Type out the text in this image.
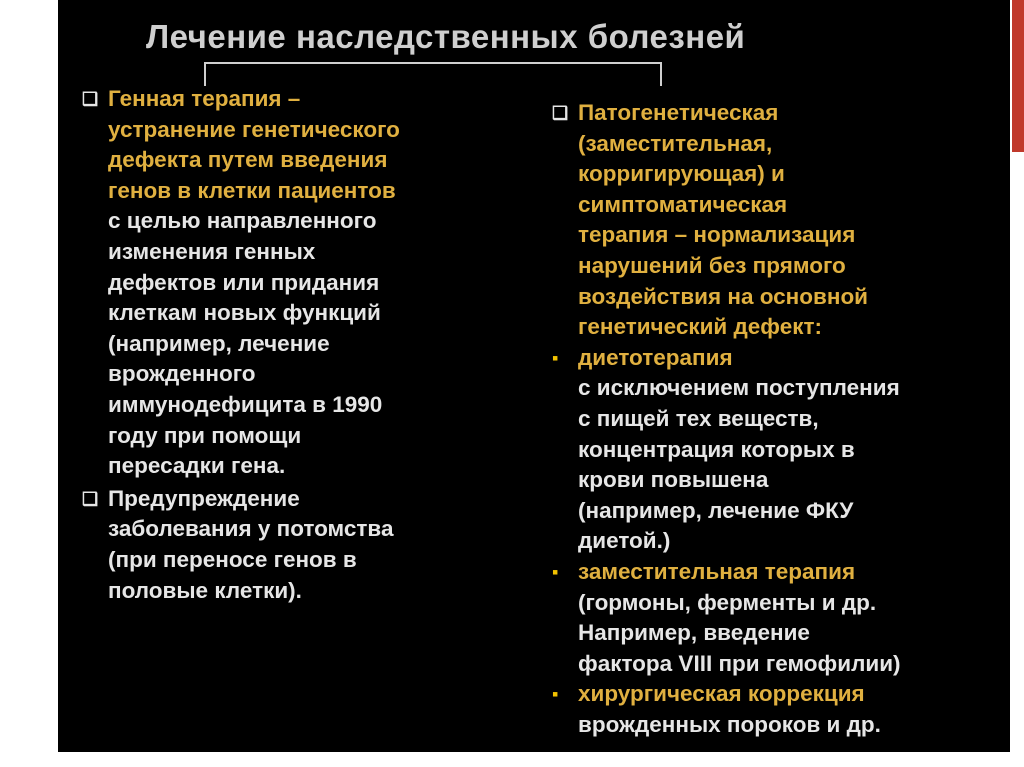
Лечение наследственных болезней
❑ Генная терапия –
устранение генетического
дефекта путем введения
генов в клетки пациентов
с целью направленного
изменения генных
дефектов или придания
клеткам новых функций
(например, лечение
врожденного
иммунодефицита в 1990
году при помощи
пересадки гена.
❑ Предупреждение
заболевания у потомства
(при переносе генов в
половые клетки).
❑ Патогенетическая
(заместительная,
корригирующая) и
симптоматическая
терапия – нормализация
нарушений без прямого
воздействия на основной
генетический дефект:
▪ диетотерапия
с исключением поступления
с пищей тех веществ,
концентрация которых в
крови повышена
(например, лечение ФКУ
диетой.)
▪ заместительная терапия
(гормоны, ферменты и др.
Например, введение
фактора VIII при гемофилии)
▪ хирургическая коррекция
врожденных пороков и др.
